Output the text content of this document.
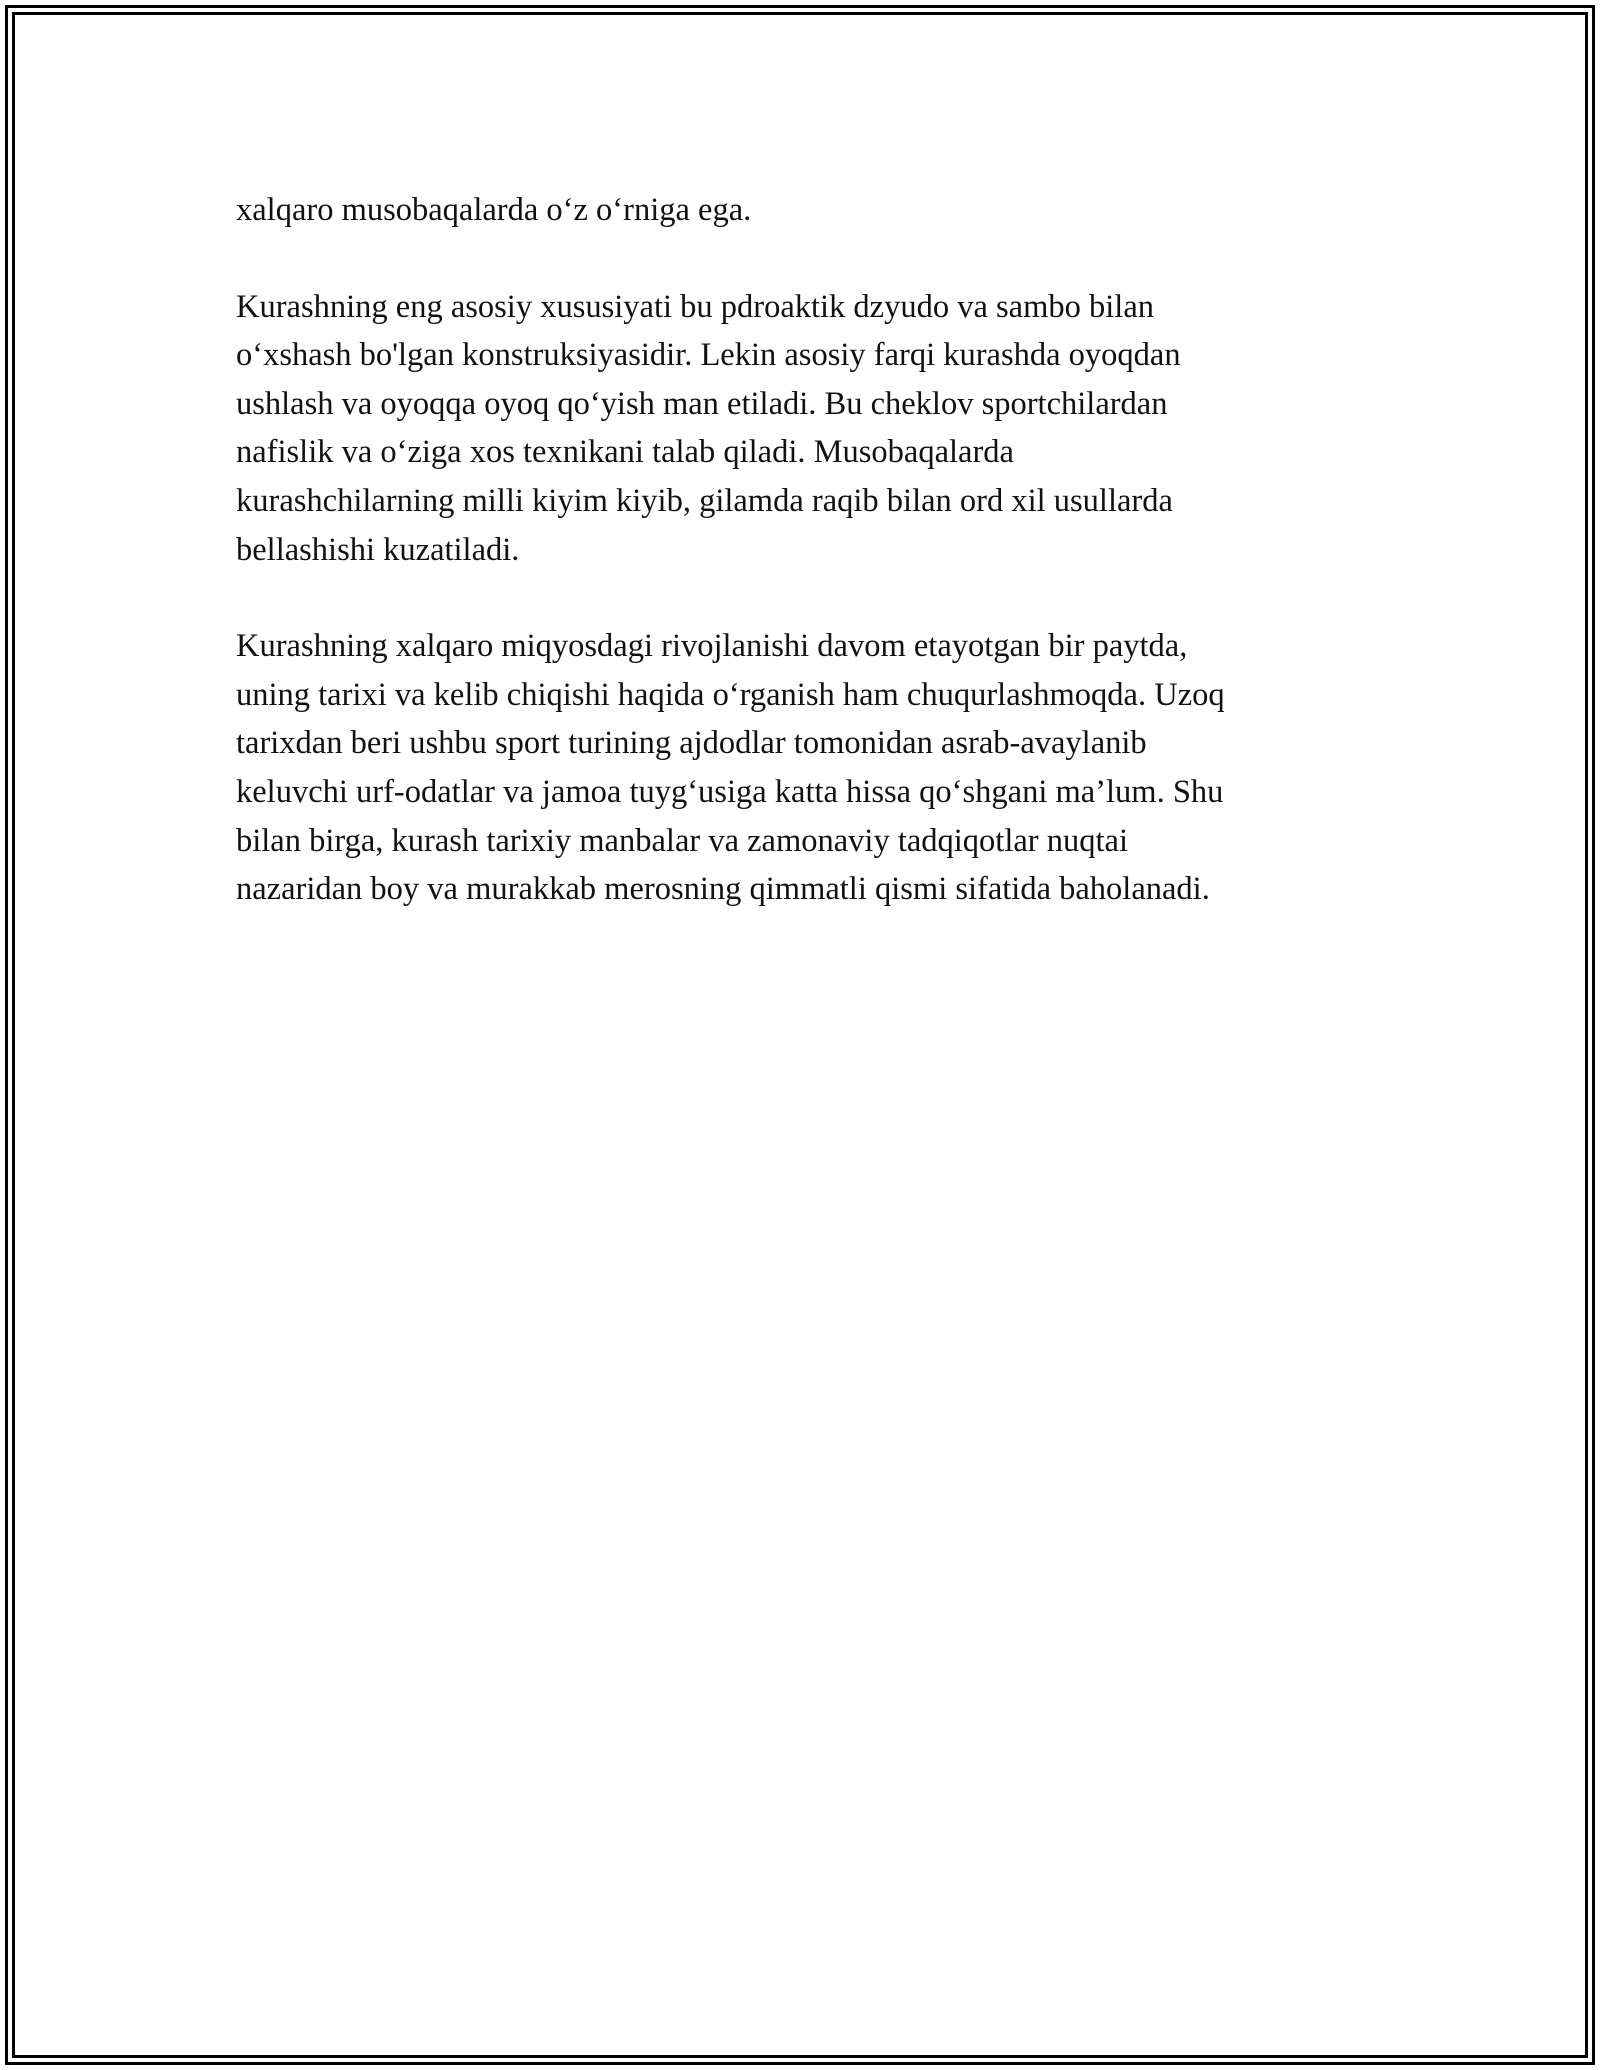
xalqaro musobaqalarda o‘z o‘rniga ega.

Kurashning eng asosiy xususiyati bu pdroaktik dzyudo va sambo bilan
o‘xshash bo'lgan konstruksiyasidir. Lekin asosiy farqi kurashda oyoqdan
ushlash va oyoqqa oyoq qo‘yish man etiladi. Bu cheklov sportchilardan
nafislik va o‘ziga xos texnikani talab qiladi. Musobaqalarda
kurashchilarning milli kiyim kiyib, gilamda raqib bilan ord xil usullarda
bellashishi kuzatiladi.

Kurashning xalqaro miqyosdagi rivojlanishi davom etayotgan bir paytda,
uning tarixi va kelib chiqishi haqida o‘rganish ham chuqurlashmoqda. Uzoq
tarixdan beri ushbu sport turining ajdodlar tomonidan asrab-avaylanib
keluvchi urf-odatlar va jamoa tuyg‘usiga katta hissa qo‘shgani ma’lum. Shu
bilan birga, kurash tarixiy manbalar va zamonaviy tadqiqotlar nuqtai
nazaridan boy va murakkab merosning qimmatli qismi sifatida baholanadi.
